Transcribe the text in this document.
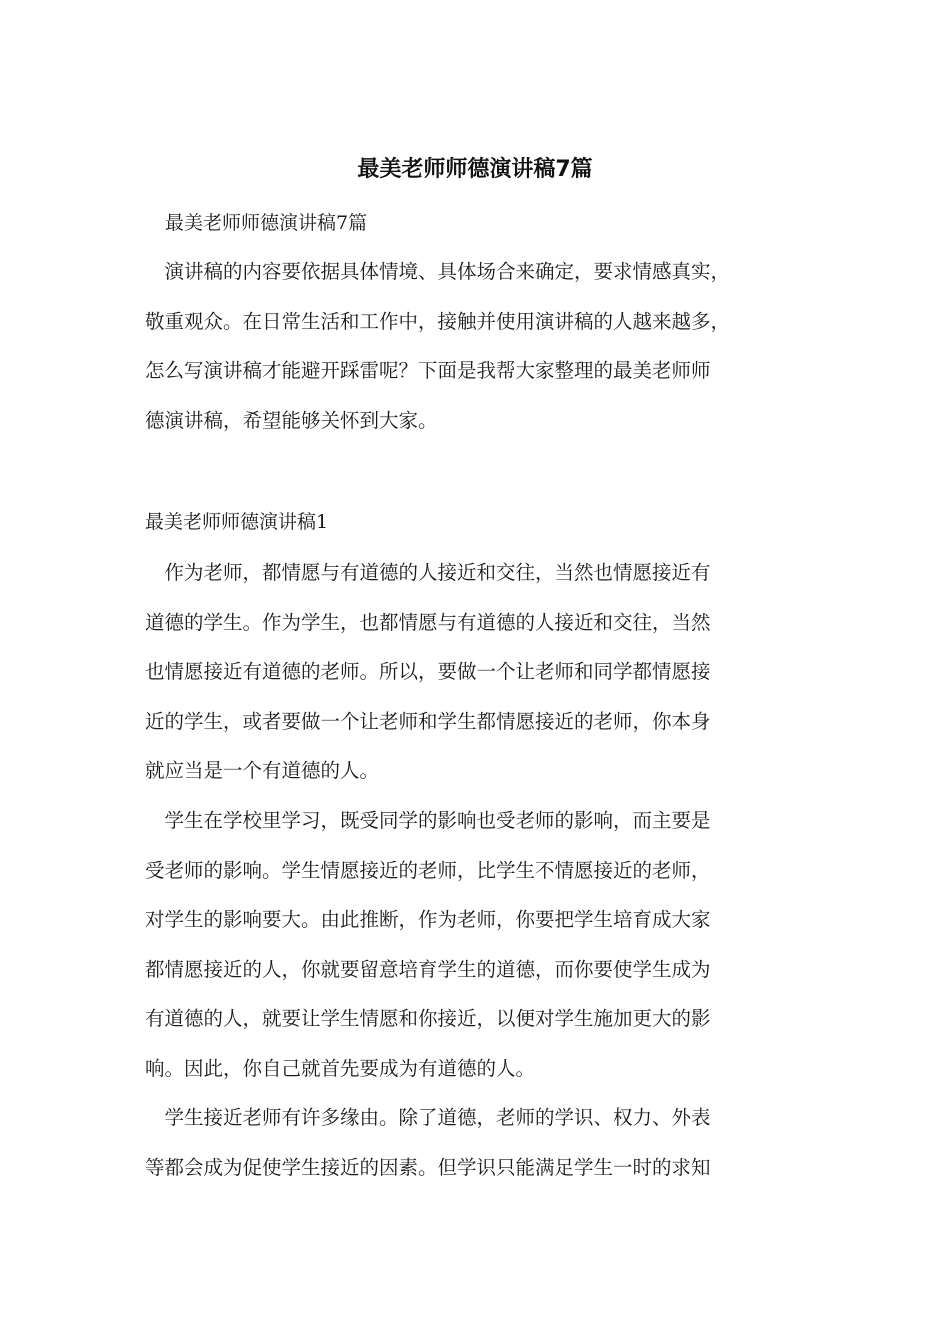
最美老师师德演讲稿7篇

最美老师师德演讲稿7篇

　演讲稿的内容要依据具体情境、具体场合来确定，要求情感真实，
敬重观众。在日常生活和工作中，接触并使用演讲稿的人越来越多，
怎么写演讲稿才能避开踩雷呢？下面是我帮大家整理的最美老师师
德演讲稿，希望能够关怀到大家。

最美老师师德演讲稿1

　作为老师，都情愿与有道德的人接近和交往，当然也情愿接近有
道德的学生。作为学生，也都情愿与有道德的人接近和交往，当然
也情愿接近有道德的老师。所以，要做一个让老师和同学都情愿接
近的学生，或者要做一个让老师和学生都情愿接近的老师，你本身
就应当是一个有道德的人。
　学生在学校里学习，既受同学的影响也受老师的影响，而主要是
受老师的影响。学生情愿接近的老师，比学生不情愿接近的老师，
对学生的影响要大。由此推断，作为老师，你要把学生培育成大家
都情愿接近的人，你就要留意培育学生的道德，而你要使学生成为
有道德的人，就要让学生情愿和你接近，以便对学生施加更大的影
响。因此，你自己就首先要成为有道德的人。
　学生接近老师有许多缘由。除了道德，老师的学识、权力、外表
等都会成为促使学生接近的因素。但学识只能满足学生一时的求知
